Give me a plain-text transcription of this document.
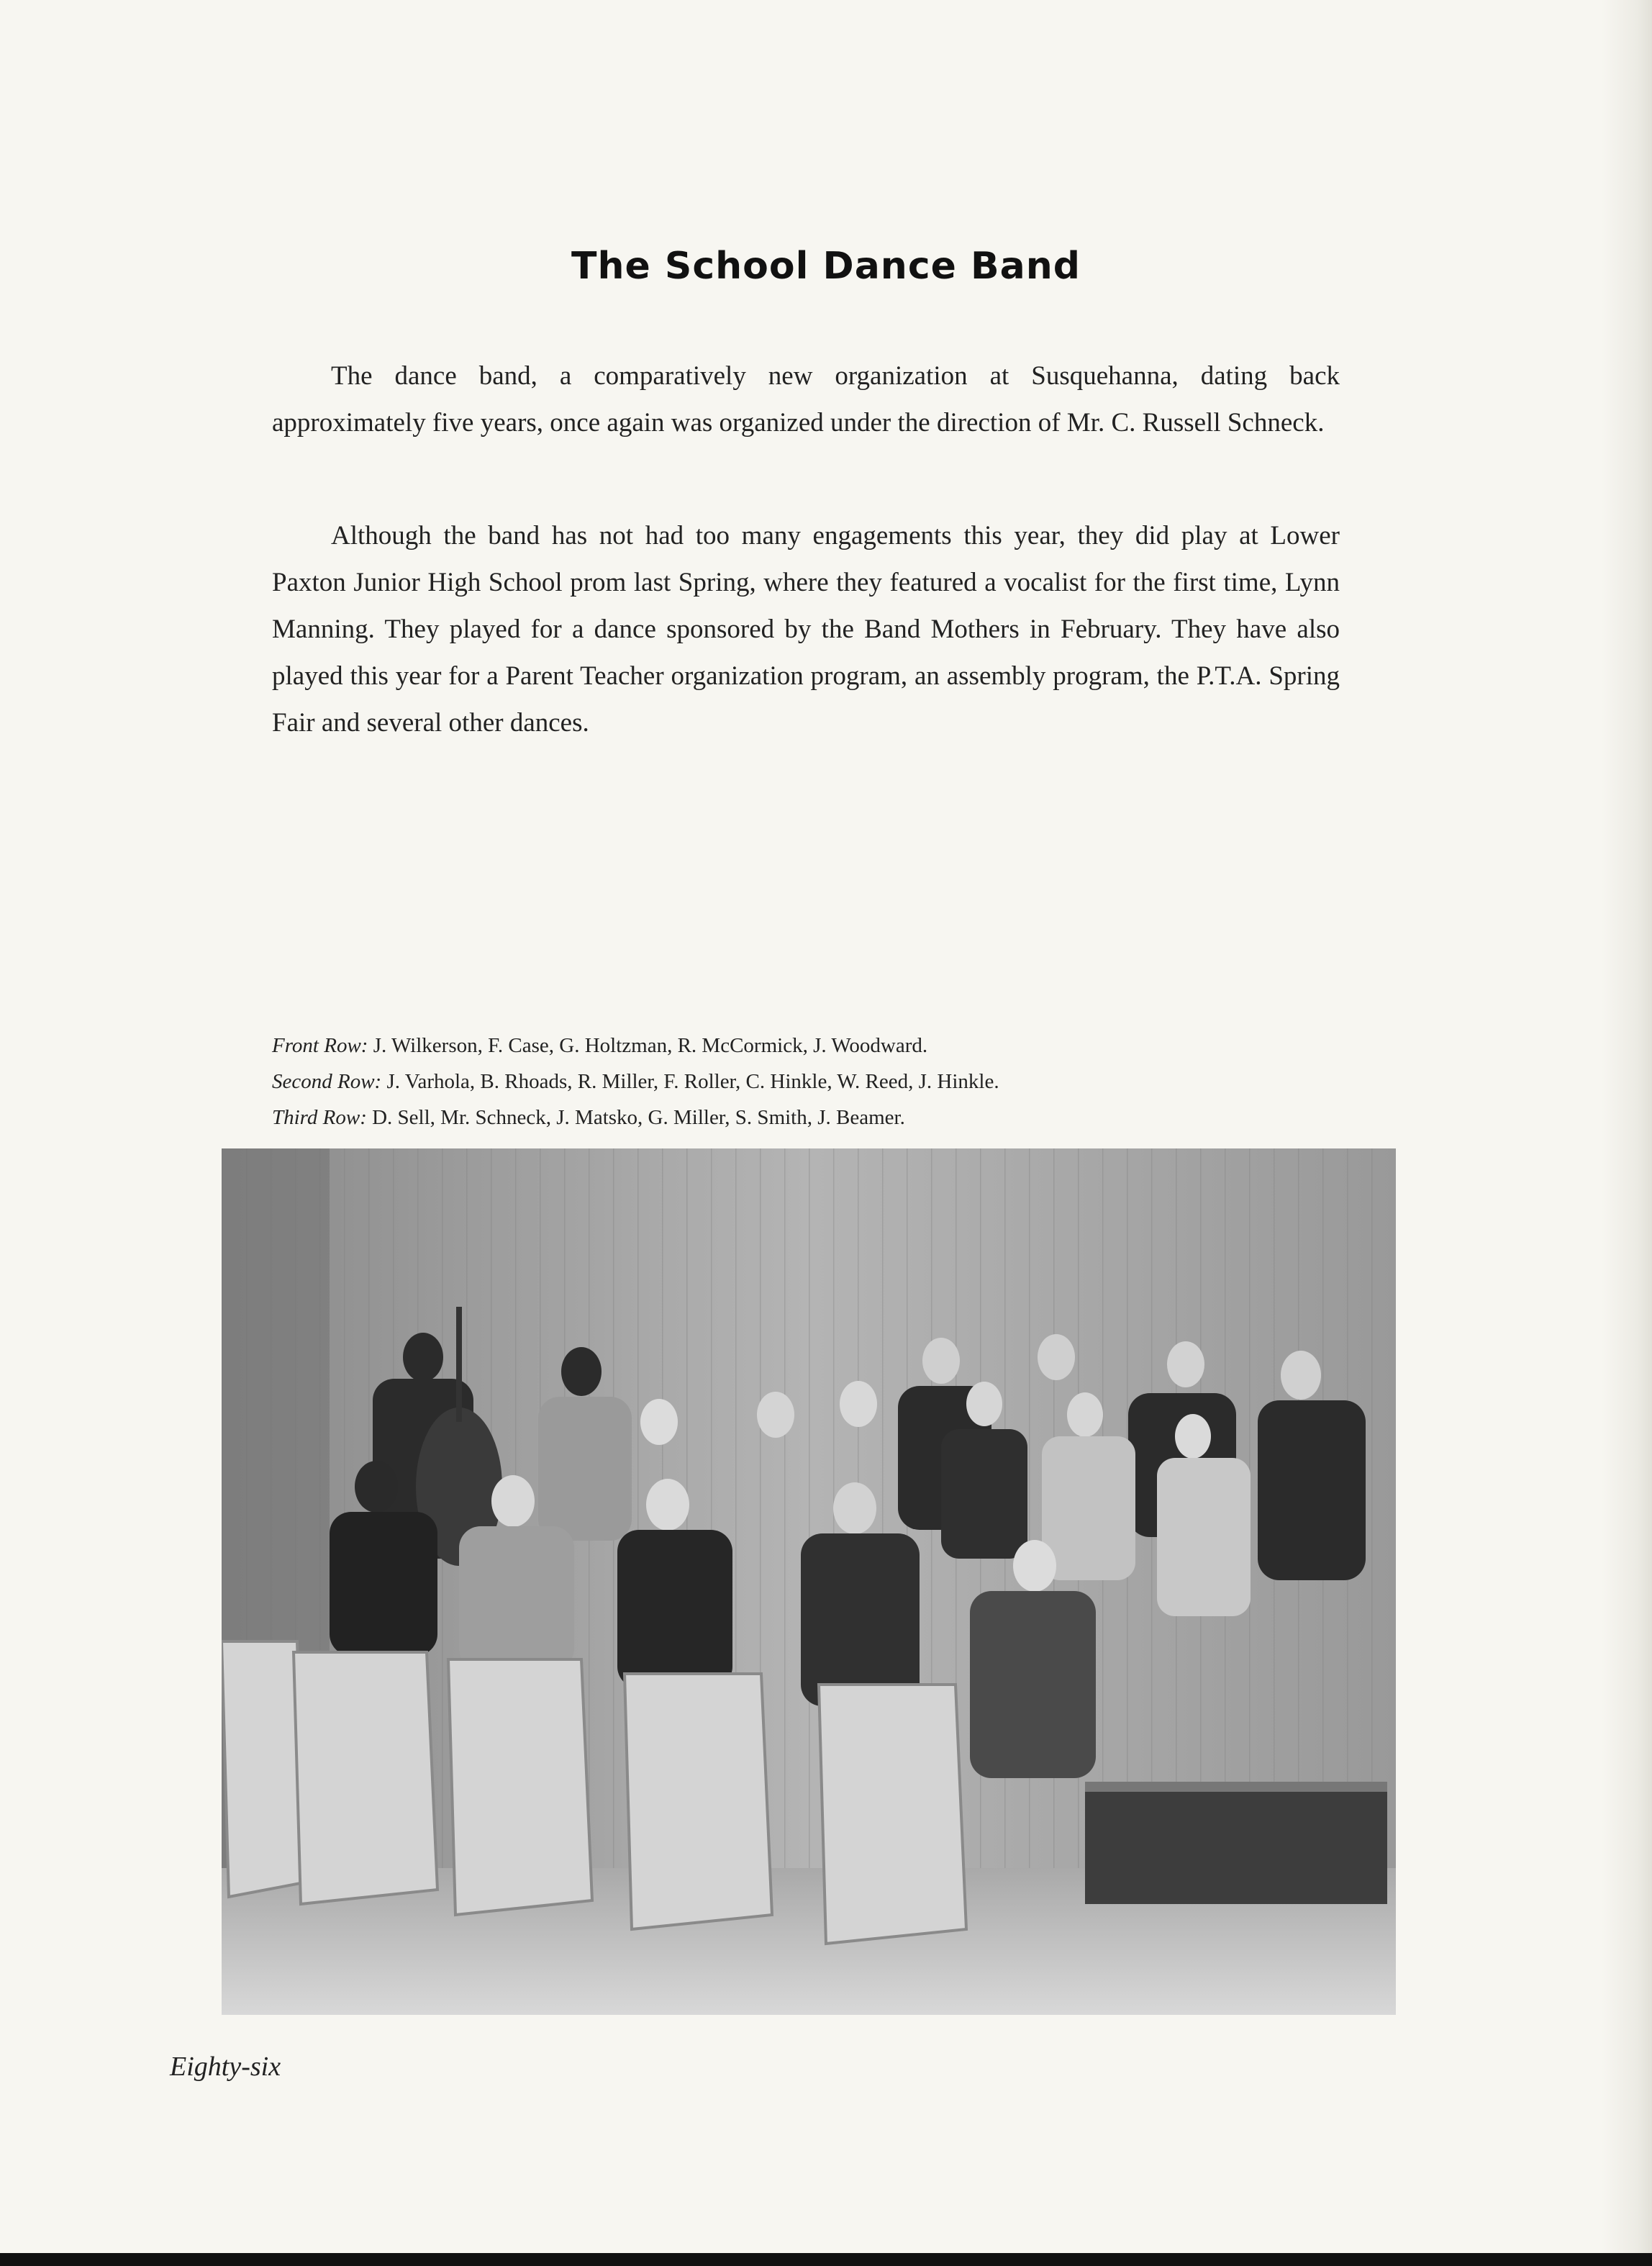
The School Dance Band

The dance band, a comparatively new organization at Susquehanna, dating back approximately five years, once again was organized under the direction of Mr. C. Russell Schneck.

Although the band has not had too many engagements this year, they did play at Lower Paxton Junior High School prom last Spring, where they featured a vocalist for the first time, Lynn Manning. They played for a dance sponsored by the Band Mothers in February. They have also played this year for a Parent Teacher organization program, an assembly program, the P.T.A. Spring Fair and several other dances.

Front Row: J. Wilkerson, F. Case, G. Holtzman, R. McCormick, J. Woodward.
Second Row: J. Varhola, B. Rhoads, R. Miller, F. Roller, C. Hinkle, W. Reed, J. Hinkle.
Third Row: D. Sell, Mr. Schneck, J. Matsko, G. Miller, S. Smith, J. Beamer.
Eighty-six
